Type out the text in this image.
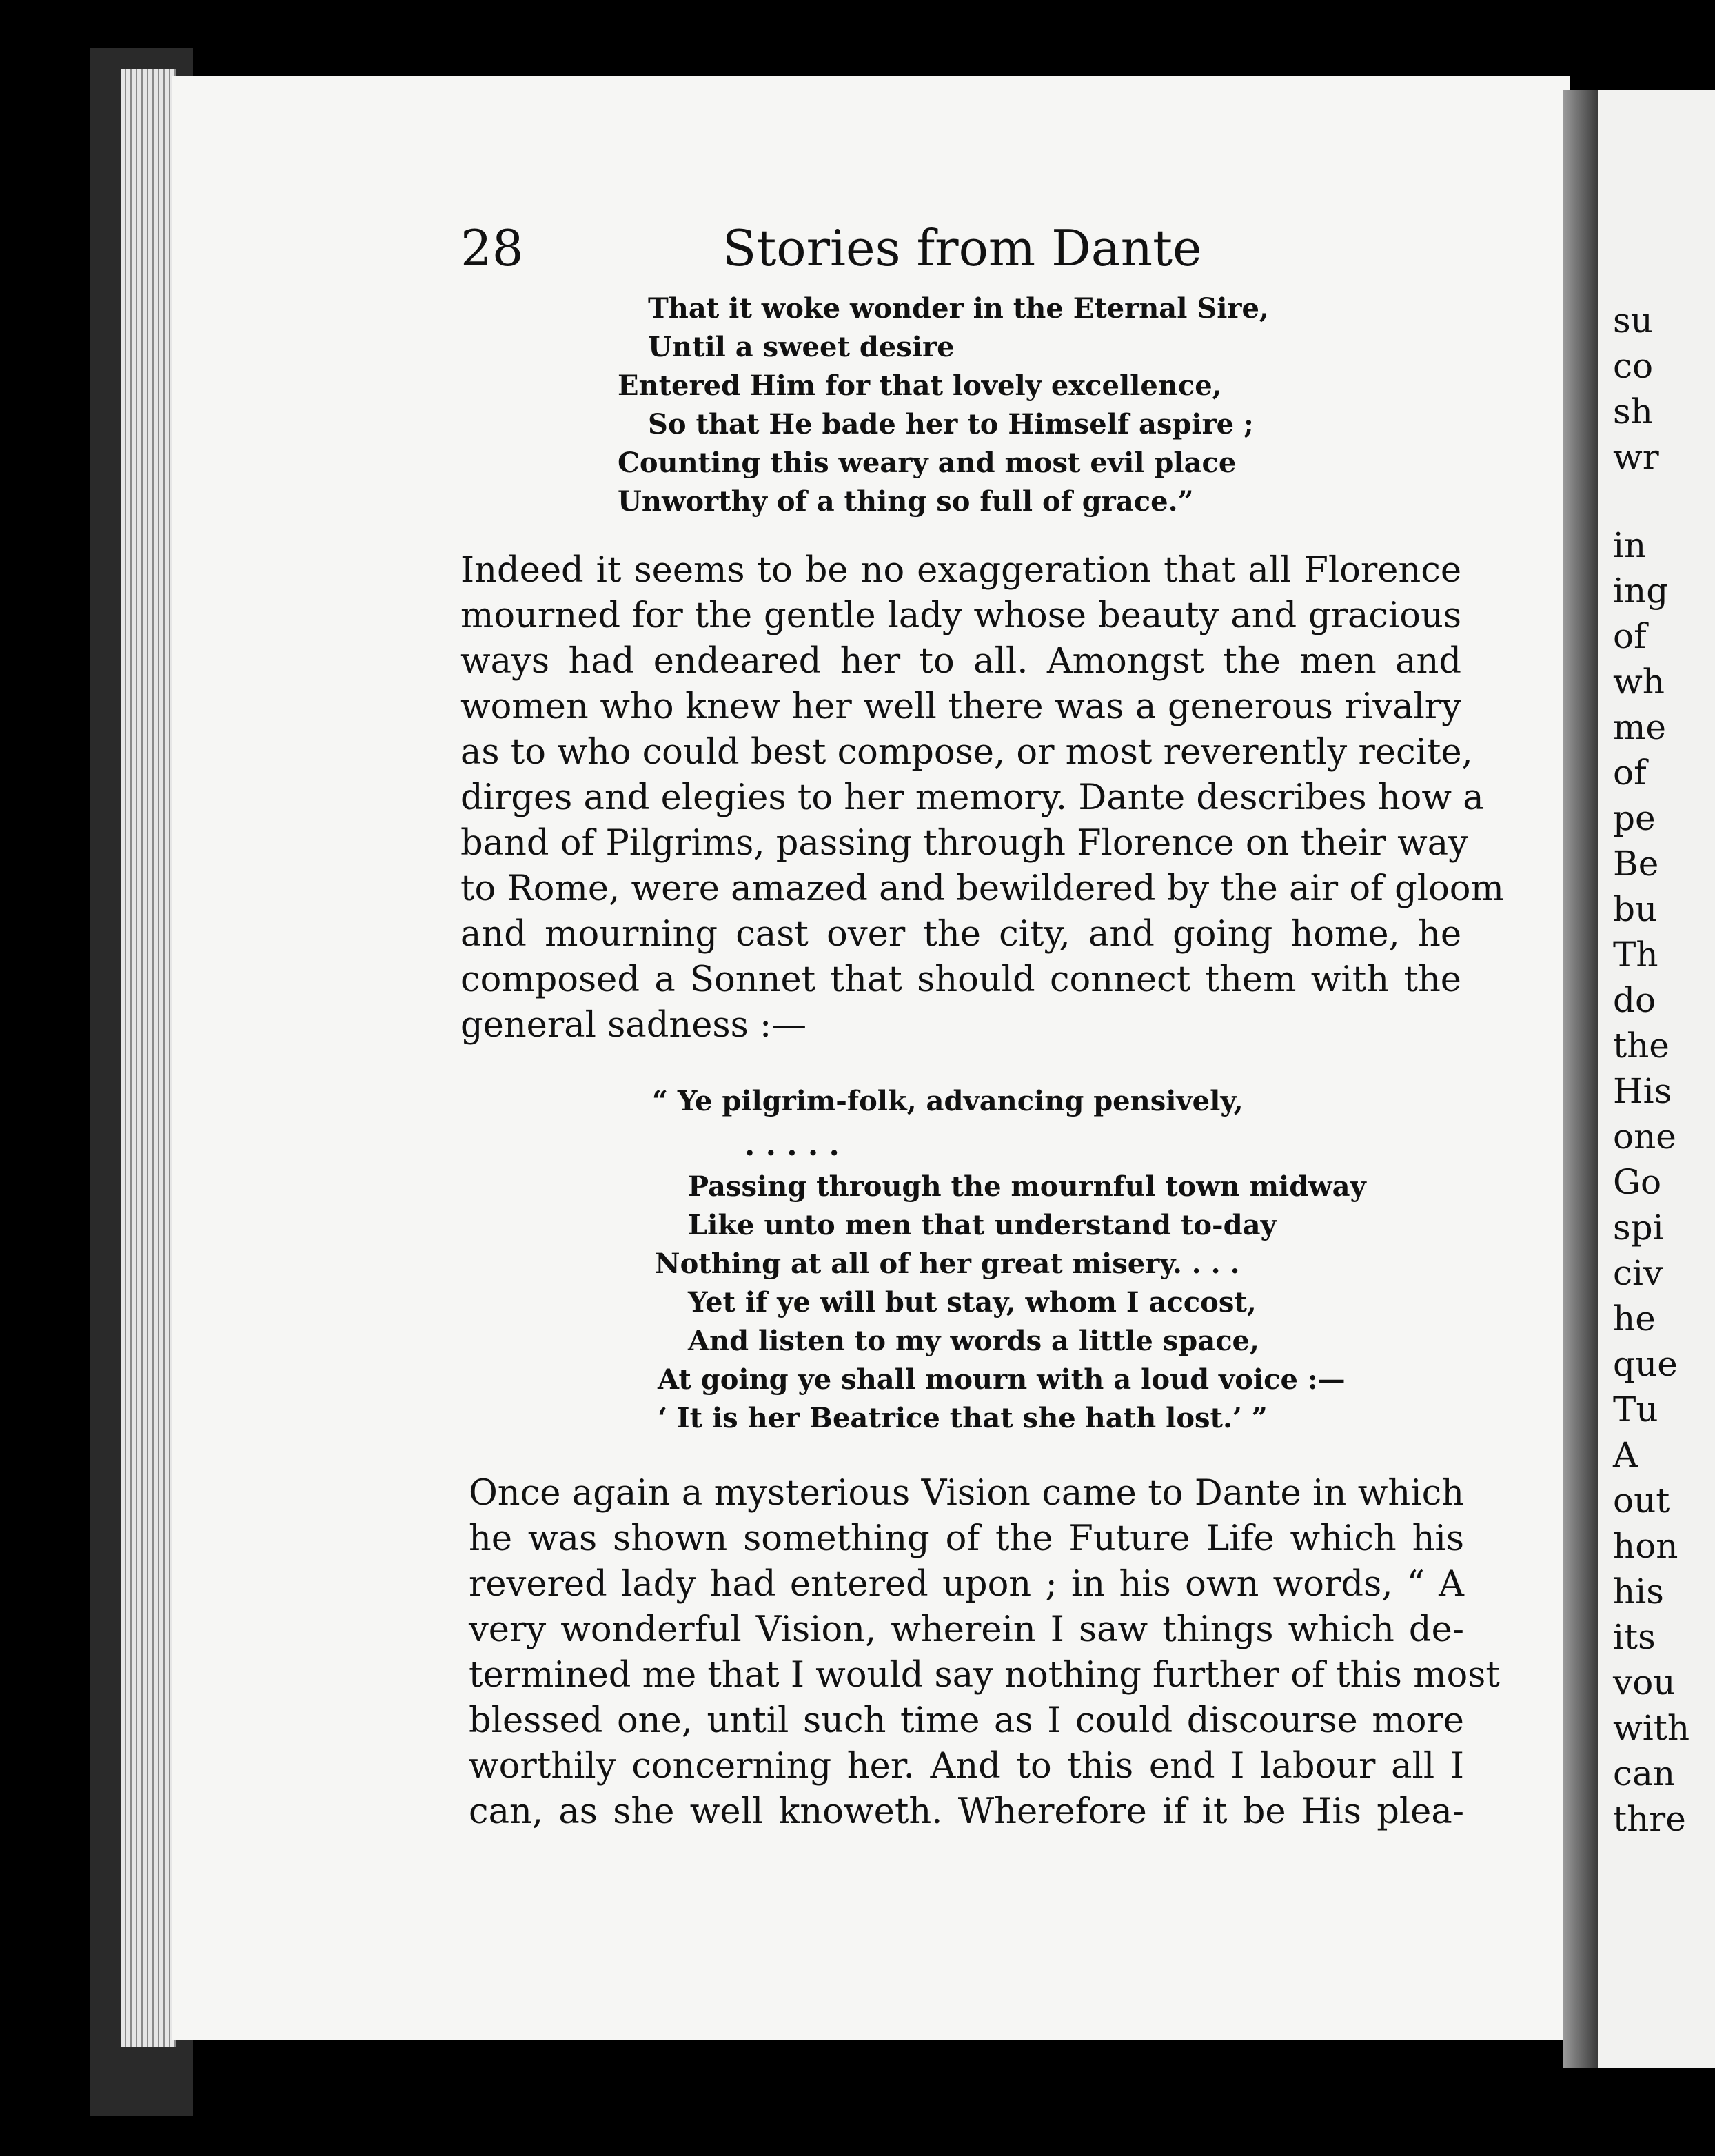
28	Stories from Dante
That it woke wonder in the Eternal Sire,
Until a sweet desire
Entered Him for that lovely excellence,
So that He bade her to Himself aspire ;
Counting this weary and most evil place
Unworthy of a thing so full of grace.”
Indeed it seems to be no exaggeration that all Florence
mourned for the gentle lady whose beauty and gracious
ways had endeared her to all. Amongst the men and
women who knew her well there was a generous rivalry
as to who could best compose, or most reverently recite,
dirges and elegies to her memory. Dante describes how a
band of Pilgrims, passing through Florence on their way
to Rome, were amazed and bewildered by the air of gloom
and mourning cast over the city, and going home, he
composed a Sonnet that should connect them with the
general sadness :—
“ Ye pilgrim-folk, advancing pensively,
. . . . .
Passing through the mournful town midway
Like unto men that understand to-day
Nothing at all of her great misery. . . .
Yet if ye will but stay, whom I accost,
And listen to my words a little space,
At going ye shall mourn with a loud voice :—
‘ It is her Beatrice that she hath lost.’ ”
Once again a mysterious Vision came to Dante in which
he was shown something of the Future Life which his
revered lady had entered upon ; in his own words, “ A
very wonderful Vision, wherein I saw things which de-
termined me that I would say nothing further of this most
blessed one, until such time as I could discourse more
worthily concerning her. And to this end I labour all I
can, as she well knoweth. Wherefore if it be His plea-
su
co
sh
wr
in
ing
of
wh
me
of
pe
Be
bu
Th
do
the
His
one
Go
spi
civ
he
que
Tu
A
out
hon
his
its
vou
with
can
thre
